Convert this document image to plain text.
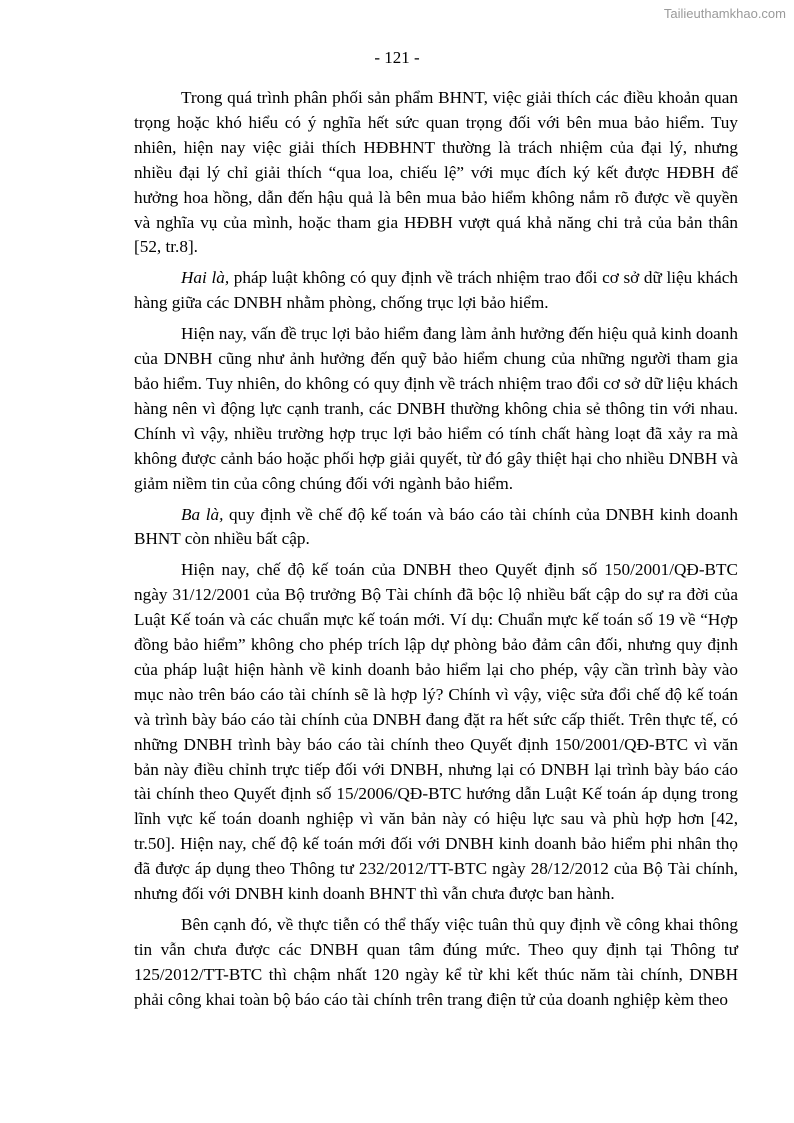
Tailieuthamkhao.com
- 121 -

Trong quá trình phân phối sản phẩm BHNT, việc giải thích các điều khoản quan trọng hoặc khó hiểu có ý nghĩa hết sức quan trọng đối với bên mua bảo hiểm. Tuy nhiên, hiện nay việc giải thích HĐBHNT thường là trách nhiệm của đại lý, nhưng nhiều đại lý chỉ giải thích “qua loa, chiếu lệ” với mục đích ký kết được HĐBH để hưởng hoa hồng, dẫn đến hậu quả là bên mua bảo hiểm không nắm rõ được về quyền và nghĩa vụ của mình, hoặc tham gia HĐBH vượt quá khả năng chi trả của bản thân [52, tr.8].

Hai là, pháp luật không có quy định về trách nhiệm trao đổi cơ sở dữ liệu khách hàng giữa các DNBH nhằm phòng, chống trục lợi bảo hiểm.

Hiện nay, vấn đề trục lợi bảo hiểm đang làm ảnh hưởng đến hiệu quả kinh doanh của DNBH cũng như ảnh hưởng đến quỹ bảo hiểm chung của những người tham gia bảo hiểm. Tuy nhiên, do không có quy định về trách nhiệm trao đổi cơ sở dữ liệu khách hàng nên vì động lực cạnh tranh, các DNBH thường không chia sẻ thông tin với nhau. Chính vì vậy, nhiều trường hợp trục lợi bảo hiểm có tính chất hàng loạt đã xảy ra mà không được cảnh báo hoặc phối hợp giải quyết, từ đó gây thiệt hại cho nhiều DNBH và giảm niềm tin của công chúng đối với ngành bảo hiểm.

Ba là, quy định về chế độ kế toán và báo cáo tài chính của DNBH kinh doanh BHNT còn nhiều bất cập.

Hiện nay, chế độ kế toán của DNBH theo Quyết định số 150/2001/QĐ-BTC ngày 31/12/2001 của Bộ trưởng Bộ Tài chính đã bộc lộ nhiều bất cập do sự ra đời của Luật Kế toán và các chuẩn mực kế toán mới. Ví dụ: Chuẩn mực kế toán số 19 về “Hợp đồng bảo hiểm” không cho phép trích lập dự phòng bảo đảm cân đối, nhưng quy định của pháp luật hiện hành về kinh doanh bảo hiểm lại cho phép, vậy cần trình bày vào mục nào trên báo cáo tài chính sẽ là hợp lý? Chính vì vậy, việc sửa đổi chế độ kế toán và trình bày báo cáo tài chính của DNBH đang đặt ra hết sức cấp thiết. Trên thực tế, có những DNBH trình bày báo cáo tài chính theo Quyết định 150/2001/QĐ-BTC vì văn bản này điều chỉnh trực tiếp đối với DNBH, nhưng lại có DNBH lại trình bày báo cáo tài chính theo Quyết định số 15/2006/QĐ-BTC hướng dẫn Luật Kế toán áp dụng trong lĩnh vực kế toán doanh nghiệp vì văn bản này có hiệu lực sau và phù hợp hơn [42, tr.50]. Hiện nay, chế độ kế toán mới đối với DNBH kinh doanh bảo hiểm phi nhân thọ đã được áp dụng theo Thông tư 232/2012/TT-BTC ngày 28/12/2012 của Bộ Tài chính, nhưng đối với DNBH kinh doanh BHNT thì vẫn chưa được ban hành.

Bên cạnh đó, về thực tiễn có thể thấy việc tuân thủ quy định về công khai thông tin vẫn chưa được các DNBH quan tâm đúng mức. Theo quy định tại Thông tư 125/2012/TT-BTC thì chậm nhất 120 ngày kể từ khi kết thúc năm tài chính, DNBH phải công khai toàn bộ báo cáo tài chính trên trang điện tử của doanh nghiệp kèm theo
